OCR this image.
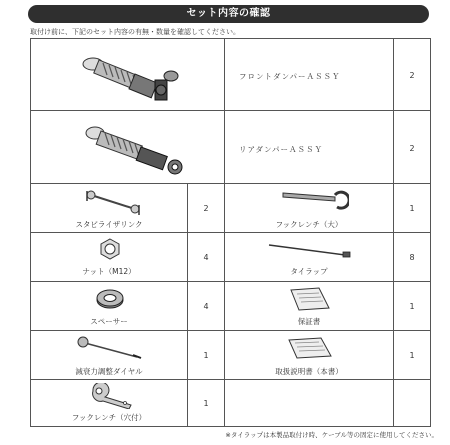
セット内容の確認
取付け前に、下記のセット内容の有無・数量を確認してください。
フロントダンパーＡＳＳＹ	2
リアダンパーＡＳＳＹ	2
スタビライザリンク
2
ナット（M12）
4
スペーサー
4
減衰力調整ダイヤル
1
フックレンチ（穴付）
1
フックレンチ（大）
1
タイラップ
8
保証書
1
取扱説明書（本書）
1
※タイラップは本製品取付け時、ケーブル等の固定に使用してください。
